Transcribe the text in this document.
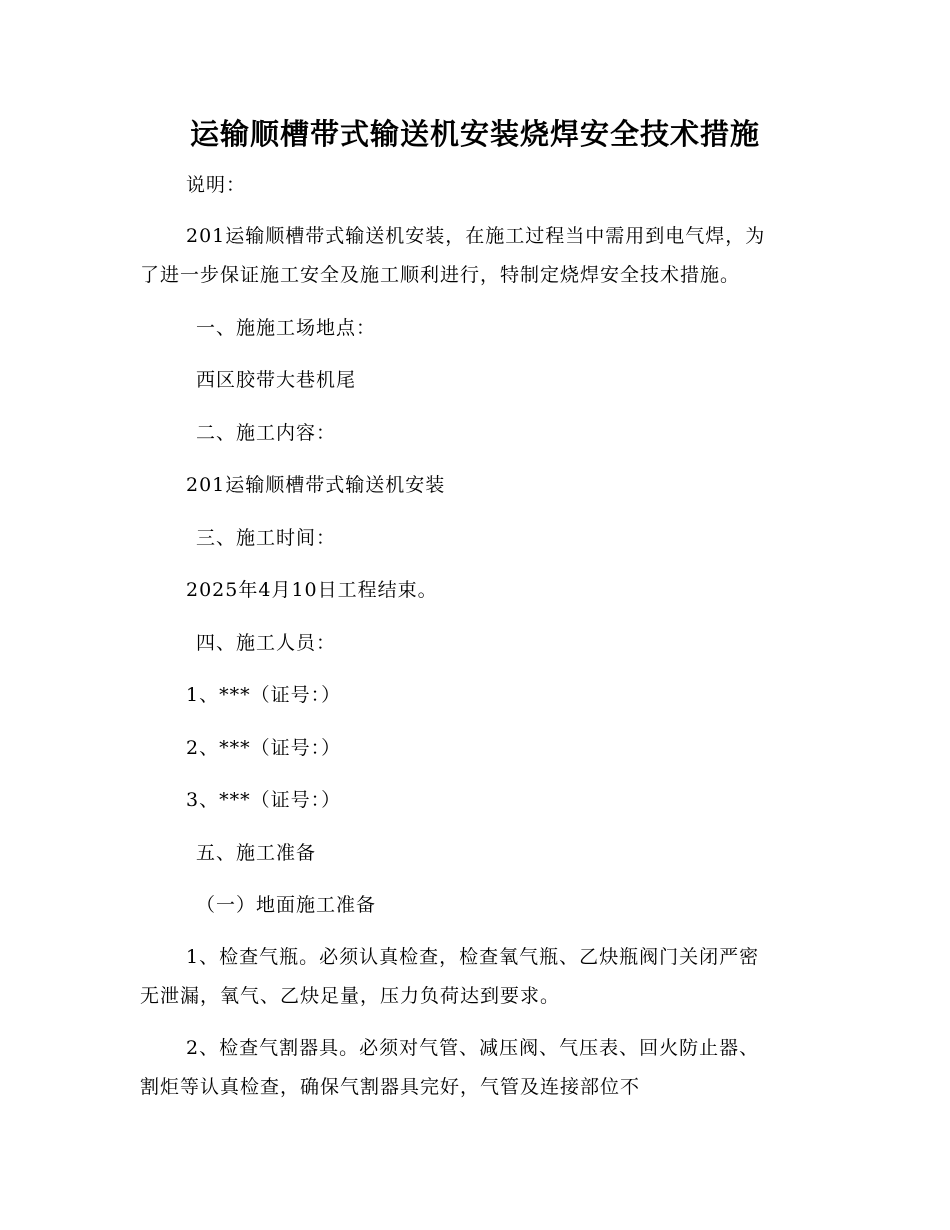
运输顺槽带式输送机安装烧焊安全技术措施
说明：
201运输顺槽带式输送机安装，在施工过程当中需用到电气焊，为
了进一步保证施工安全及施工顺利进行，特制定烧焊安全技术措施。
一、施施工场地点：
西区胶带大巷机尾
二、施工内容：
201运输顺槽带式输送机安装
三、施工时间：
2025年4月10日工程结束。
四、施工人员：
1、***（证号：）
2、***（证号：）
3、***（证号：）
五、施工准备
（一）地面施工准备
1、检查气瓶。必须认真检查，检查氧气瓶、乙炔瓶阀门关闭严密
无泄漏，氧气、乙炔足量，压力负荷达到要求。
2、检查气割器具。必须对气管、减压阀、气压表、回火防止器、
割炬等认真检查，确保气割器具完好，气管及连接部位不
